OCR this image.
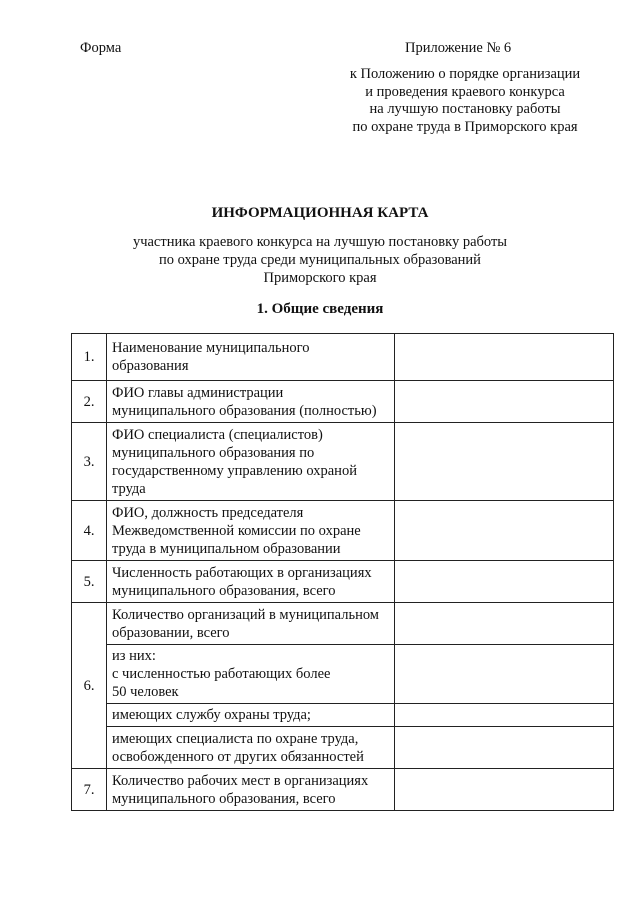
Форма	Приложение № 6
к Положению о порядке организации
и проведения краевого конкурса
на лучшую постановку работы
по охране труда в Приморского края
ИНФОРМАЦИОННАЯ КАРТА
участника краевого конкурса на лучшую постановку работы
по охране труда среди муниципальных образований
Приморского края
1. Общие сведения
1.	Наименование муниципального
образования	

2.	ФИО главы администрации
муниципального образования (полностью)	

3.	ФИО специалиста (специалистов)
муниципального образования по
государственному управлению охраной
труда	

4.	ФИО, должность председателя
Межведомственной комиссии по охране
труда в муниципальном образовании	

5.	Численность работающих в организациях
муниципального образования, всего	

6.	Количество организаций в муниципальном
образовании, всего	

	из них:
с численностью работающих более
50 человек	

	имеющих службу охраны труда;	

	имеющих специалиста по охране труда,
освобожденного от других обязанностей	

7.	Количество рабочих мест в организациях
муниципального образования, всего	
